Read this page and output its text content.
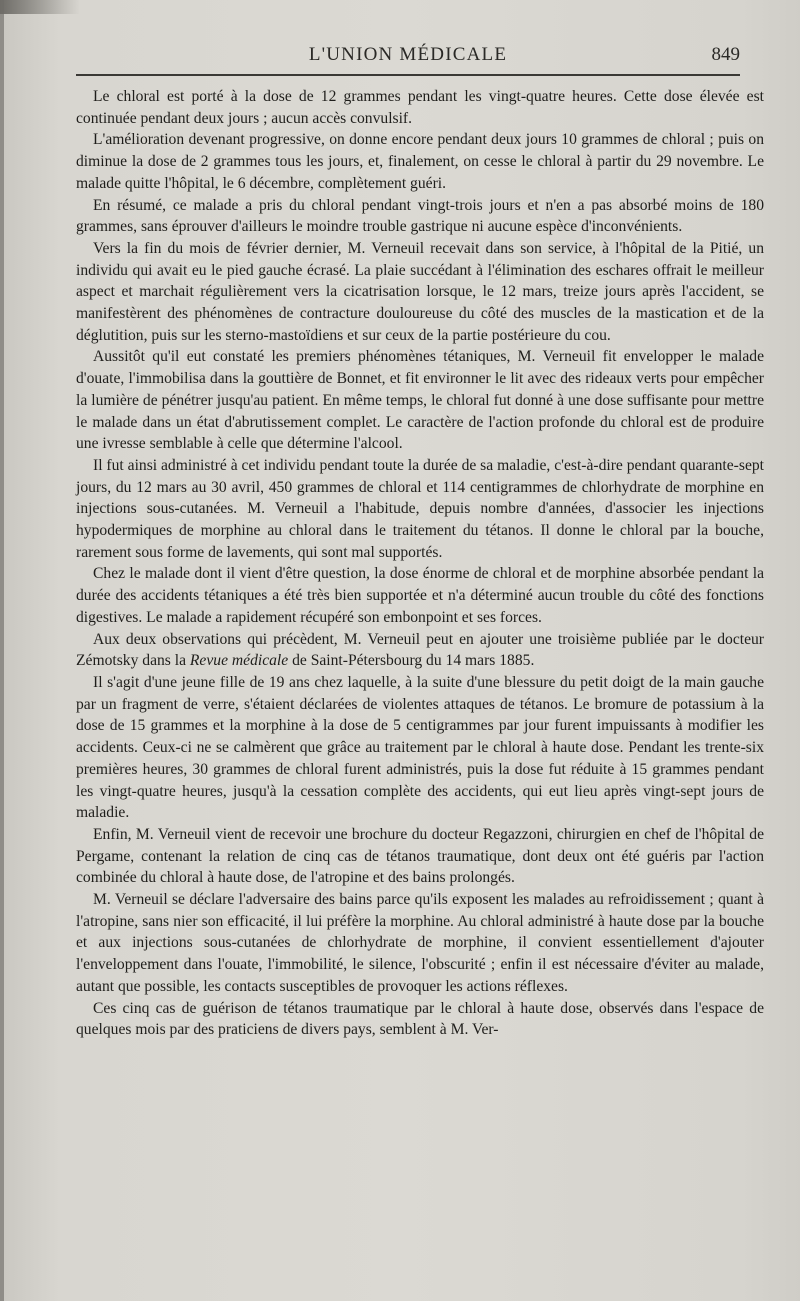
L'UNION MÉDICALE	849

Le chloral est porté à la dose de 12 grammes pendant les vingt-quatre heures. Cette dose élevée est continuée pendant deux jours ; aucun accès convulsif.

L'amélioration devenant progressive, on donne encore pendant deux jours 10 grammes de chloral ; puis on diminue la dose de 2 grammes tous les jours, et, finalement, on cesse le chloral à partir du 29 novembre. Le malade quitte l'hôpital, le 6 décembre, complètement guéri.

En résumé, ce malade a pris du chloral pendant vingt-trois jours et n'en a pas absorbé moins de 180 grammes, sans éprouver d'ailleurs le moindre trouble gastrique ni aucune espèce d'inconvénients.

Vers la fin du mois de février dernier, M. Verneuil recevait dans son service, à l'hôpital de la Pitié, un individu qui avait eu le pied gauche écrasé. La plaie succédant à l'élimination des eschares offrait le meilleur aspect et marchait régulièrement vers la cicatrisation lorsque, le 12 mars, treize jours après l'accident, se manifestèrent des phénomènes de contracture douloureuse du côté des muscles de la mastication et de la déglutition, puis sur les sterno-mastoïdiens et sur ceux de la partie postérieure du cou.

Aussitôt qu'il eut constaté les premiers phénomènes tétaniques, M. Verneuil fit envelopper le malade d'ouate, l'immobilisa dans la gouttière de Bonnet, et fit environner le lit avec des rideaux verts pour empêcher la lumière de pénétrer jusqu'au patient. En même temps, le chloral fut donné à une dose suffisante pour mettre le malade dans un état d'abrutissement complet. Le caractère de l'action profonde du chloral est de produire une ivresse semblable à celle que détermine l'alcool.

Il fut ainsi administré à cet individu pendant toute la durée de sa maladie, c'est-à-dire pendant quarante-sept jours, du 12 mars au 30 avril, 450 grammes de chloral et 114 centigrammes de chlorhydrate de morphine en injections sous-cutanées. M. Verneuil a l'habitude, depuis nombre d'années, d'associer les injections hypodermiques de morphine au chloral dans le traitement du tétanos. Il donne le chloral par la bouche, rarement sous forme de lavements, qui sont mal supportés.

Chez le malade dont il vient d'être question, la dose énorme de chloral et de morphine absorbée pendant la durée des accidents tétaniques a été très bien supportée et n'a déterminé aucun trouble du côté des fonctions digestives. Le malade a rapidement récupéré son embonpoint et ses forces.

Aux deux observations qui précèdent, M. Verneuil peut en ajouter une troisième publiée par le docteur Zémotsky dans la Revue médicale de Saint-Pétersbourg du 14 mars 1885.

Il s'agit d'une jeune fille de 19 ans chez laquelle, à la suite d'une blessure du petit doigt de la main gauche par un fragment de verre, s'étaient déclarées de violentes attaques de tétanos. Le bromure de potassium à la dose de 15 grammes et la morphine à la dose de 5 centigrammes par jour furent impuissants à modifier les accidents. Ceux-ci ne se calmèrent que grâce au traitement par le chloral à haute dose. Pendant les trente-six premières heures, 30 grammes de chloral furent administrés, puis la dose fut réduite à 15 grammes pendant les vingt-quatre heures, jusqu'à la cessation complète des accidents, qui eut lieu après vingt-sept jours de maladie.

Enfin, M. Verneuil vient de recevoir une brochure du docteur Regazzoni, chirurgien en chef de l'hôpital de Pergame, contenant la relation de cinq cas de tétanos traumatique, dont deux ont été guéris par l'action combinée du chloral à haute dose, de l'atropine et des bains prolongés.

M. Verneuil se déclare l'adversaire des bains parce qu'ils exposent les malades au refroidissement ; quant à l'atropine, sans nier son efficacité, il lui préfère la morphine. Au chloral administré à haute dose par la bouche et aux injections sous-cutanées de chlorhydrate de morphine, il convient essentiellement d'ajouter l'enveloppement dans l'ouate, l'immobilité, le silence, l'obscurité ; enfin il est nécessaire d'éviter au malade, autant que possible, les contacts susceptibles de provoquer les actions réflexes.

Ces cinq cas de guérison de tétanos traumatique par le chloral à haute dose, observés dans l'espace de quelques mois par des praticiens de divers pays, semblent à M. Ver-
